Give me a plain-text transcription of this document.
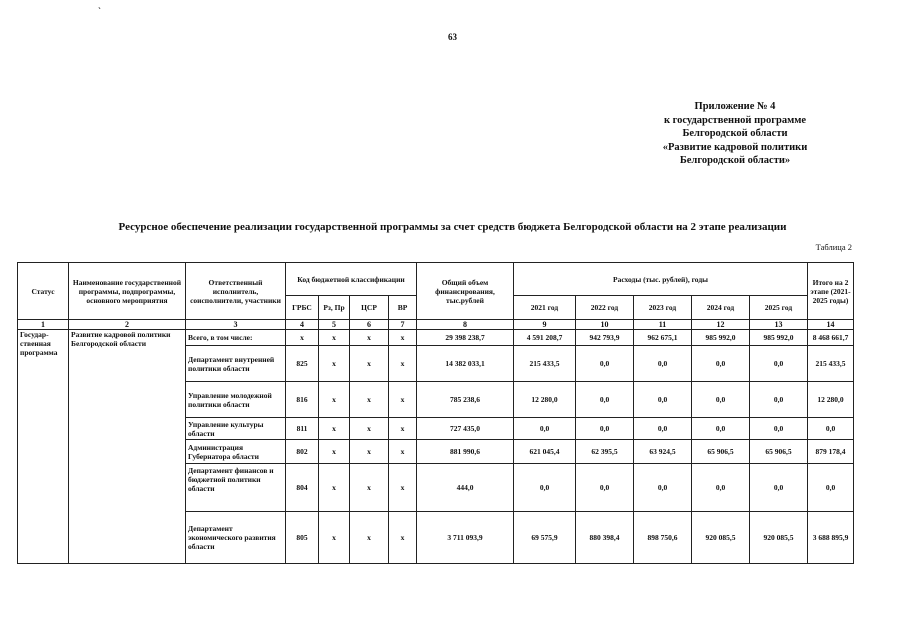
ˋ
63
Приложение № 4
к государственной программе
Белгородской области
«Развитие кадровой политики
Белгородской области»
Ресурсное обеспечение реализации государственной программы за счет средств бюджета Белгородской области на 2 этапе реализации
Таблица 2
Статус	Наименование государственной программы, подпрограммы, основного мероприятия	Ответственный исполнитель, соисполнители, участники	Код бюджетной классификации				Общий объем финансирования, тыс.рублей	Расходы (тыс. рублей), годы					Итого на 2 этапе (2021-2025 годы)
			ГРБС	Рз, Пр	ЦСР	ВР		2021 год	2022 год	2023 год	2024 год	2025 год	
1	2	3	4	5	6	7	8	9	10	11	12	13	14
Государ-ственная программа	Развитие кадровой политики Белгородской области	Всего, в том числе:	х	х	х	х	29 398 238,7	4 591 208,7	942 793,9	962 675,1	985 992,0	985 992,0	8 468 661,7
		Департамент внутренней политики области	825	х	х	х	14 382 033,1	215 433,5	0,0	0,0	0,0	0,0	215 433,5
		Управление молодежной политики области	816	х	х	х	785 238,6	12 280,0	0,0	0,0	0,0	0,0	12 280,0
		Управление культуры области	811	х	х	х	727 435,0	0,0	0,0	0,0	0,0	0,0	0,0
		Администрация Губернатора области	802	х	х	х	881 990,6	621 045,4	62 395,5	63 924,5	65 906,5	65 906,5	879 178,4
		Департамент финансов и бюджетной политики области	804	х	х	х	444,0	0,0	0,0	0,0	0,0	0,0	0,0
		Департамент экономического развития области	805	х	х	х	3 711 093,9	69 575,9	880 398,4	898 750,6	920 085,5	920 085,5	3 688 895,9
